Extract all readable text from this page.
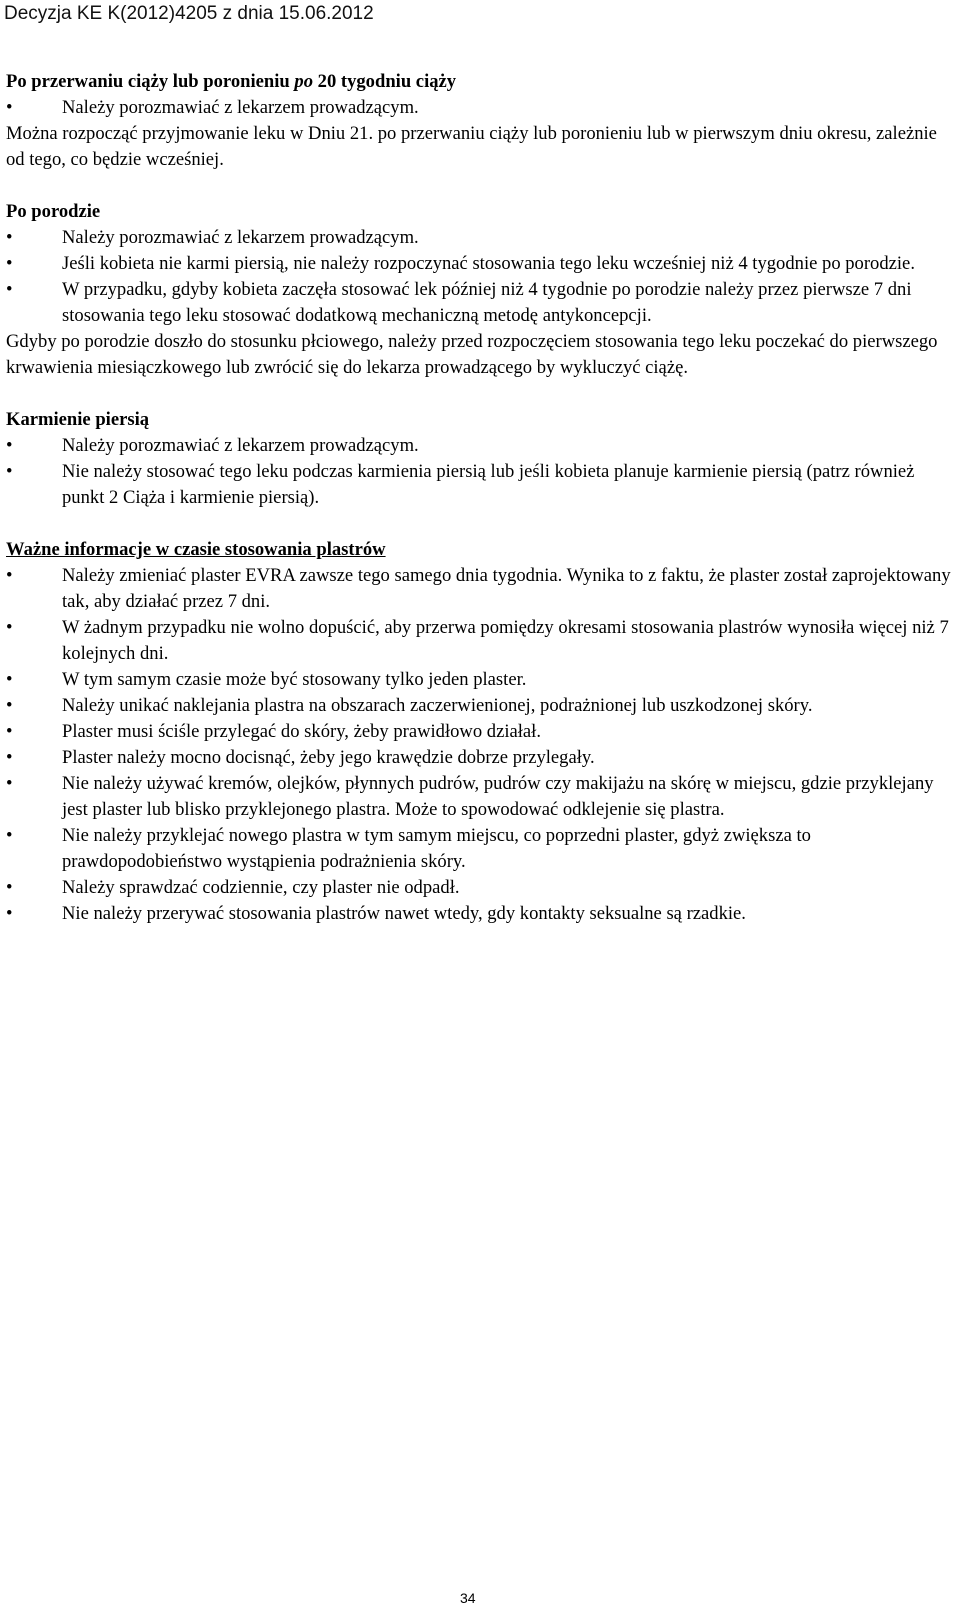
Decyzja KE K(2012)4205 z dnia 15.06.2012
Po przerwaniu ciąży lub poronieniu po 20 tygodniu ciąży
•	Należy porozmawiać z lekarzem prowadzącym.

Można rozpocząć przyjmowanie leku w Dniu 21. po przerwaniu ciąży lub poronieniu lub w pierwszym dniu okresu, zależnie od tego, co będzie wcześniej.

Po porodzie
•	Należy porozmawiać z lekarzem prowadzącym.
•	Jeśli kobieta nie karmi piersią, nie należy rozpoczynać stosowania tego leku wcześniej niż 4 tygodnie po porodzie.
•	W przypadku, gdyby kobieta zaczęła stosować lek później niż 4 tygodnie po porodzie należy przez pierwsze 7 dni stosowania tego leku stosować dodatkową mechaniczną metodę antykoncepcji.

Gdyby po porodzie doszło do stosunku płciowego, należy przed rozpoczęciem stosowania tego leku poczekać do pierwszego krwawienia miesiączkowego lub zwrócić się do lekarza prowadzącego by wykluczyć ciążę.

Karmienie piersią
•	Należy porozmawiać z lekarzem prowadzącym.
•	Nie należy stosować tego leku podczas karmienia piersią lub jeśli kobieta planuje karmienie piersią (patrz również punkt 2 Ciąża i karmienie piersią).
Ważne informacje w czasie stosowania plastrów
•	Należy zmieniać plaster EVRA zawsze tego samego dnia tygodnia. Wynika to z faktu, że plaster został zaprojektowany tak, aby działać przez 7 dni.
•	W żadnym przypadku nie wolno dopuścić, aby przerwa pomiędzy okresami stosowania plastrów wynosiła więcej niż 7 kolejnych dni.
•	W tym samym czasie może być stosowany tylko jeden plaster.
•	Należy unikać naklejania plastra na obszarach zaczerwienionej, podrażnionej lub uszkodzonej skóry.
•	Plaster musi ściśle przylegać do skóry, żeby prawidłowo działał.
•	Plaster należy mocno docisnąć, żeby jego krawędzie dobrze przylegały.
•	Nie należy używać kremów, olejków, płynnych pudrów, pudrów czy makijażu na skórę w miejscu, gdzie przyklejany jest plaster lub blisko przyklejonego plastra. Może to spowodować odklejenie się plastra.
•	Nie należy przyklejać nowego plastra w tym samym miejscu, co poprzedni plaster, gdyż zwiększa to prawdopodobieństwo wystąpienia podrażnienia skóry.
•	Należy sprawdzać codziennie, czy plaster nie odpadł.
•	Nie należy przerywać stosowania plastrów nawet wtedy, gdy kontakty seksualne są rzadkie.
34
